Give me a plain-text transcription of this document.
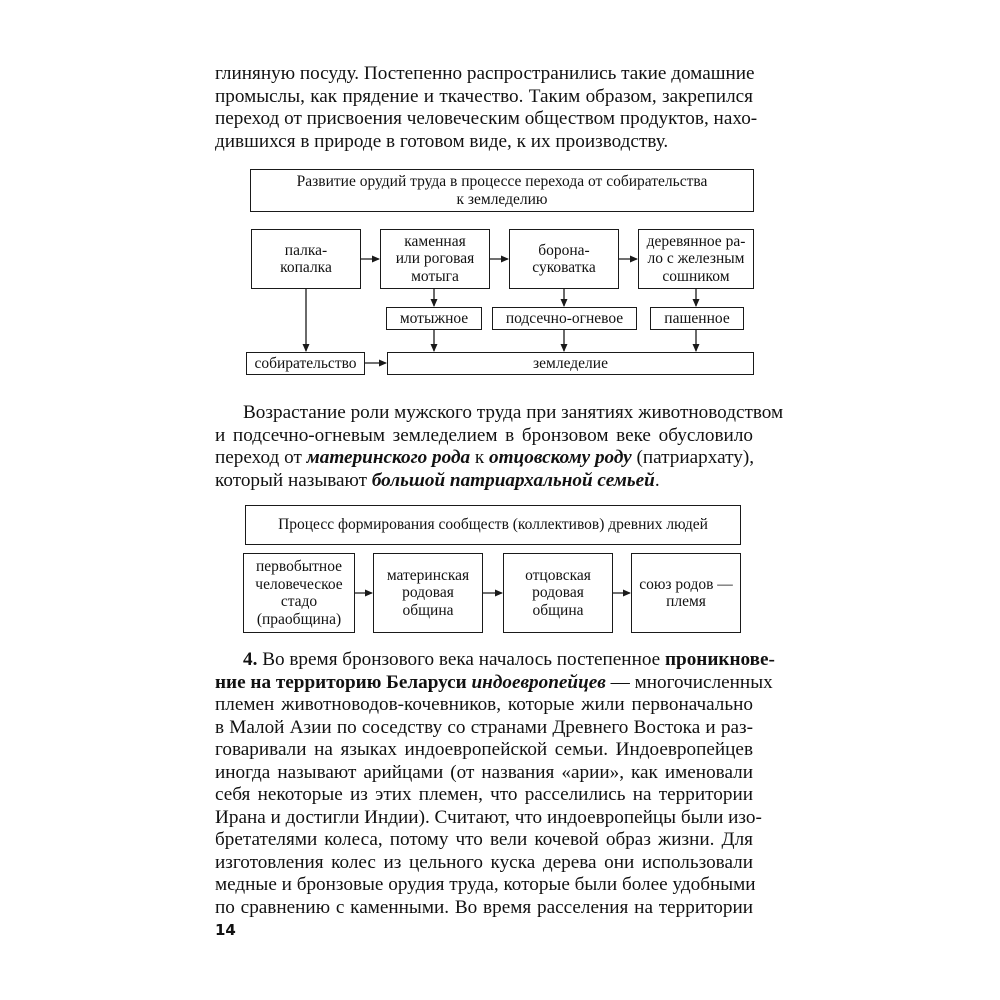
глиняную посуду. Постепенно распространились такие домашние
промыслы, как прядение и ткачество. Таким образом, закрепился
переход от присвоения человеческим обществом продуктов, нахо-
дившихся в природе в готовом виде, к их производству.

Развитие орудий труда в процессе перехода от собирательства
к земледелию
палка-
копалка
каменная
или роговая
мотыга
борона-
суковатка
деревянное ра-
ло с железным
сошником
мотыжное подсечно-огневое	пашенное
собирательство	земледелие

Возрастание роли мужского труда при занятиях животноводством
и подсечно-огневым земледелием в бронзовом веке обусловило
переход от материнского рода к отцовскому роду (патриархату),
который называют большой патриархальной семьей.

Процесс формирования сообществ (коллективов) древних людей
первобытное
человеческое
стадо
(праобщина)
материнская
родовая
община
отцовская
родовая
община
союз родов —
племя

4. Во время бронзового века началось постепенное проникнове-
ние на территорию Беларуси индоевропейцев — многочисленных
племен животноводов-кочевников, которые жили первоначально
в Малой Азии по соседству со странами Древнего Востока и раз-
говаривали на языках индоевропейской семьи. Индоевропейцев
иногда называют арийцами (от названия «арии», как именовали
себя некоторые из этих племен, что расселились на территории
Ирана и достигли Индии). Считают, что индоевропейцы были изо-
бретателями колеса, потому что вели кочевой образ жизни. Для
изготовления колес из цельного куска дерева они использовали
медные и бронзовые орудия труда, которые были более удобными
по сравнению с каменными. Во время расселения на территории

14
